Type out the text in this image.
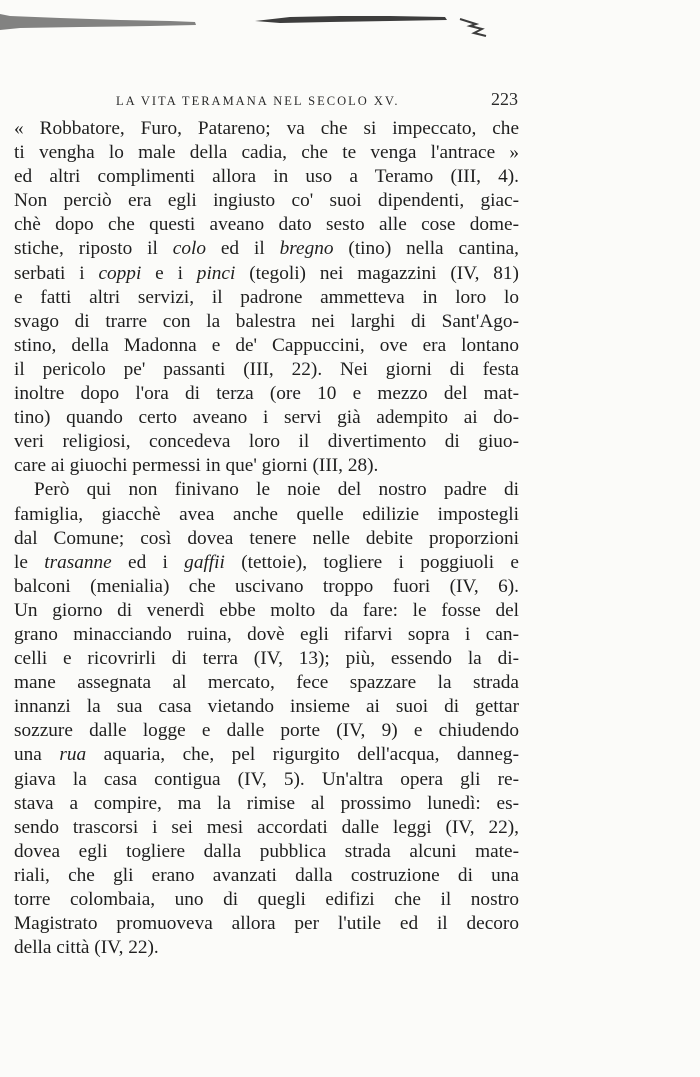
LA VITA TERAMANA NEL SECOLO XV.	223
« Robbatore, Furo, Patareno; va che si impeccato, che
ti vengha lo male della cadia, che te venga l'antrace »
ed altri complimenti allora in uso a Teramo (III, 4).
Non perciò era egli ingiusto co' suoi dipendenti, giac-
chè dopo che questi aveano dato sesto alle cose dome-
stiche, riposto il colo ed il bregno (tino) nella cantina,
serbati i coppi e i pinci (tegoli) nei magazzini (IV, 81)
e fatti altri servizi, il padrone ammetteva in loro lo
svago di trarre con la balestra nei larghi di Sant'Ago-
stino, della Madonna e de' Cappuccini, ove era lontano
il pericolo pe' passanti (III, 22). Nei giorni di festa
inoltre dopo l'ora di terza (ore 10 e mezzo del mat-
tino) quando certo aveano i servi già adempito ai do-
veri religiosi, concedeva loro il divertimento di giuo-
care ai giuochi permessi in que' giorni (III, 28).
Però qui non finivano le noie del nostro padre di
famiglia, giacchè avea anche quelle edilizie impostegli
dal Comune; così dovea tenere nelle debite proporzioni
le trasanne ed i gaffii (tettoie), togliere i poggiuoli e
balconi (menialia) che uscivano troppo fuori (IV, 6).
Un giorno di venerdì ebbe molto da fare: le fosse del
grano minacciando ruina, dovè egli rifarvi sopra i can-
celli e ricovrirli di terra (IV, 13); più, essendo la di-
mane assegnata al mercato, fece spazzare la strada
innanzi la sua casa vietando insieme ai suoi di gettar
sozzure dalle logge e dalle porte (IV, 9) e chiudendo
una rua aquaria, che, pel rigurgito dell'acqua, danneg-
giava la casa contigua (IV, 5). Un'altra opera gli re-
stava a compire, ma la rimise al prossimo lunedì: es-
sendo trascorsi i sei mesi accordati dalle leggi (IV, 22),
dovea egli togliere dalla pubblica strada alcuni mate-
riali, che gli erano avanzati dalla costruzione di una
torre colombaia, uno di quegli edifizi che il nostro
Magistrato promuoveva allora per l'utile ed il decoro
della città (IV, 22).
